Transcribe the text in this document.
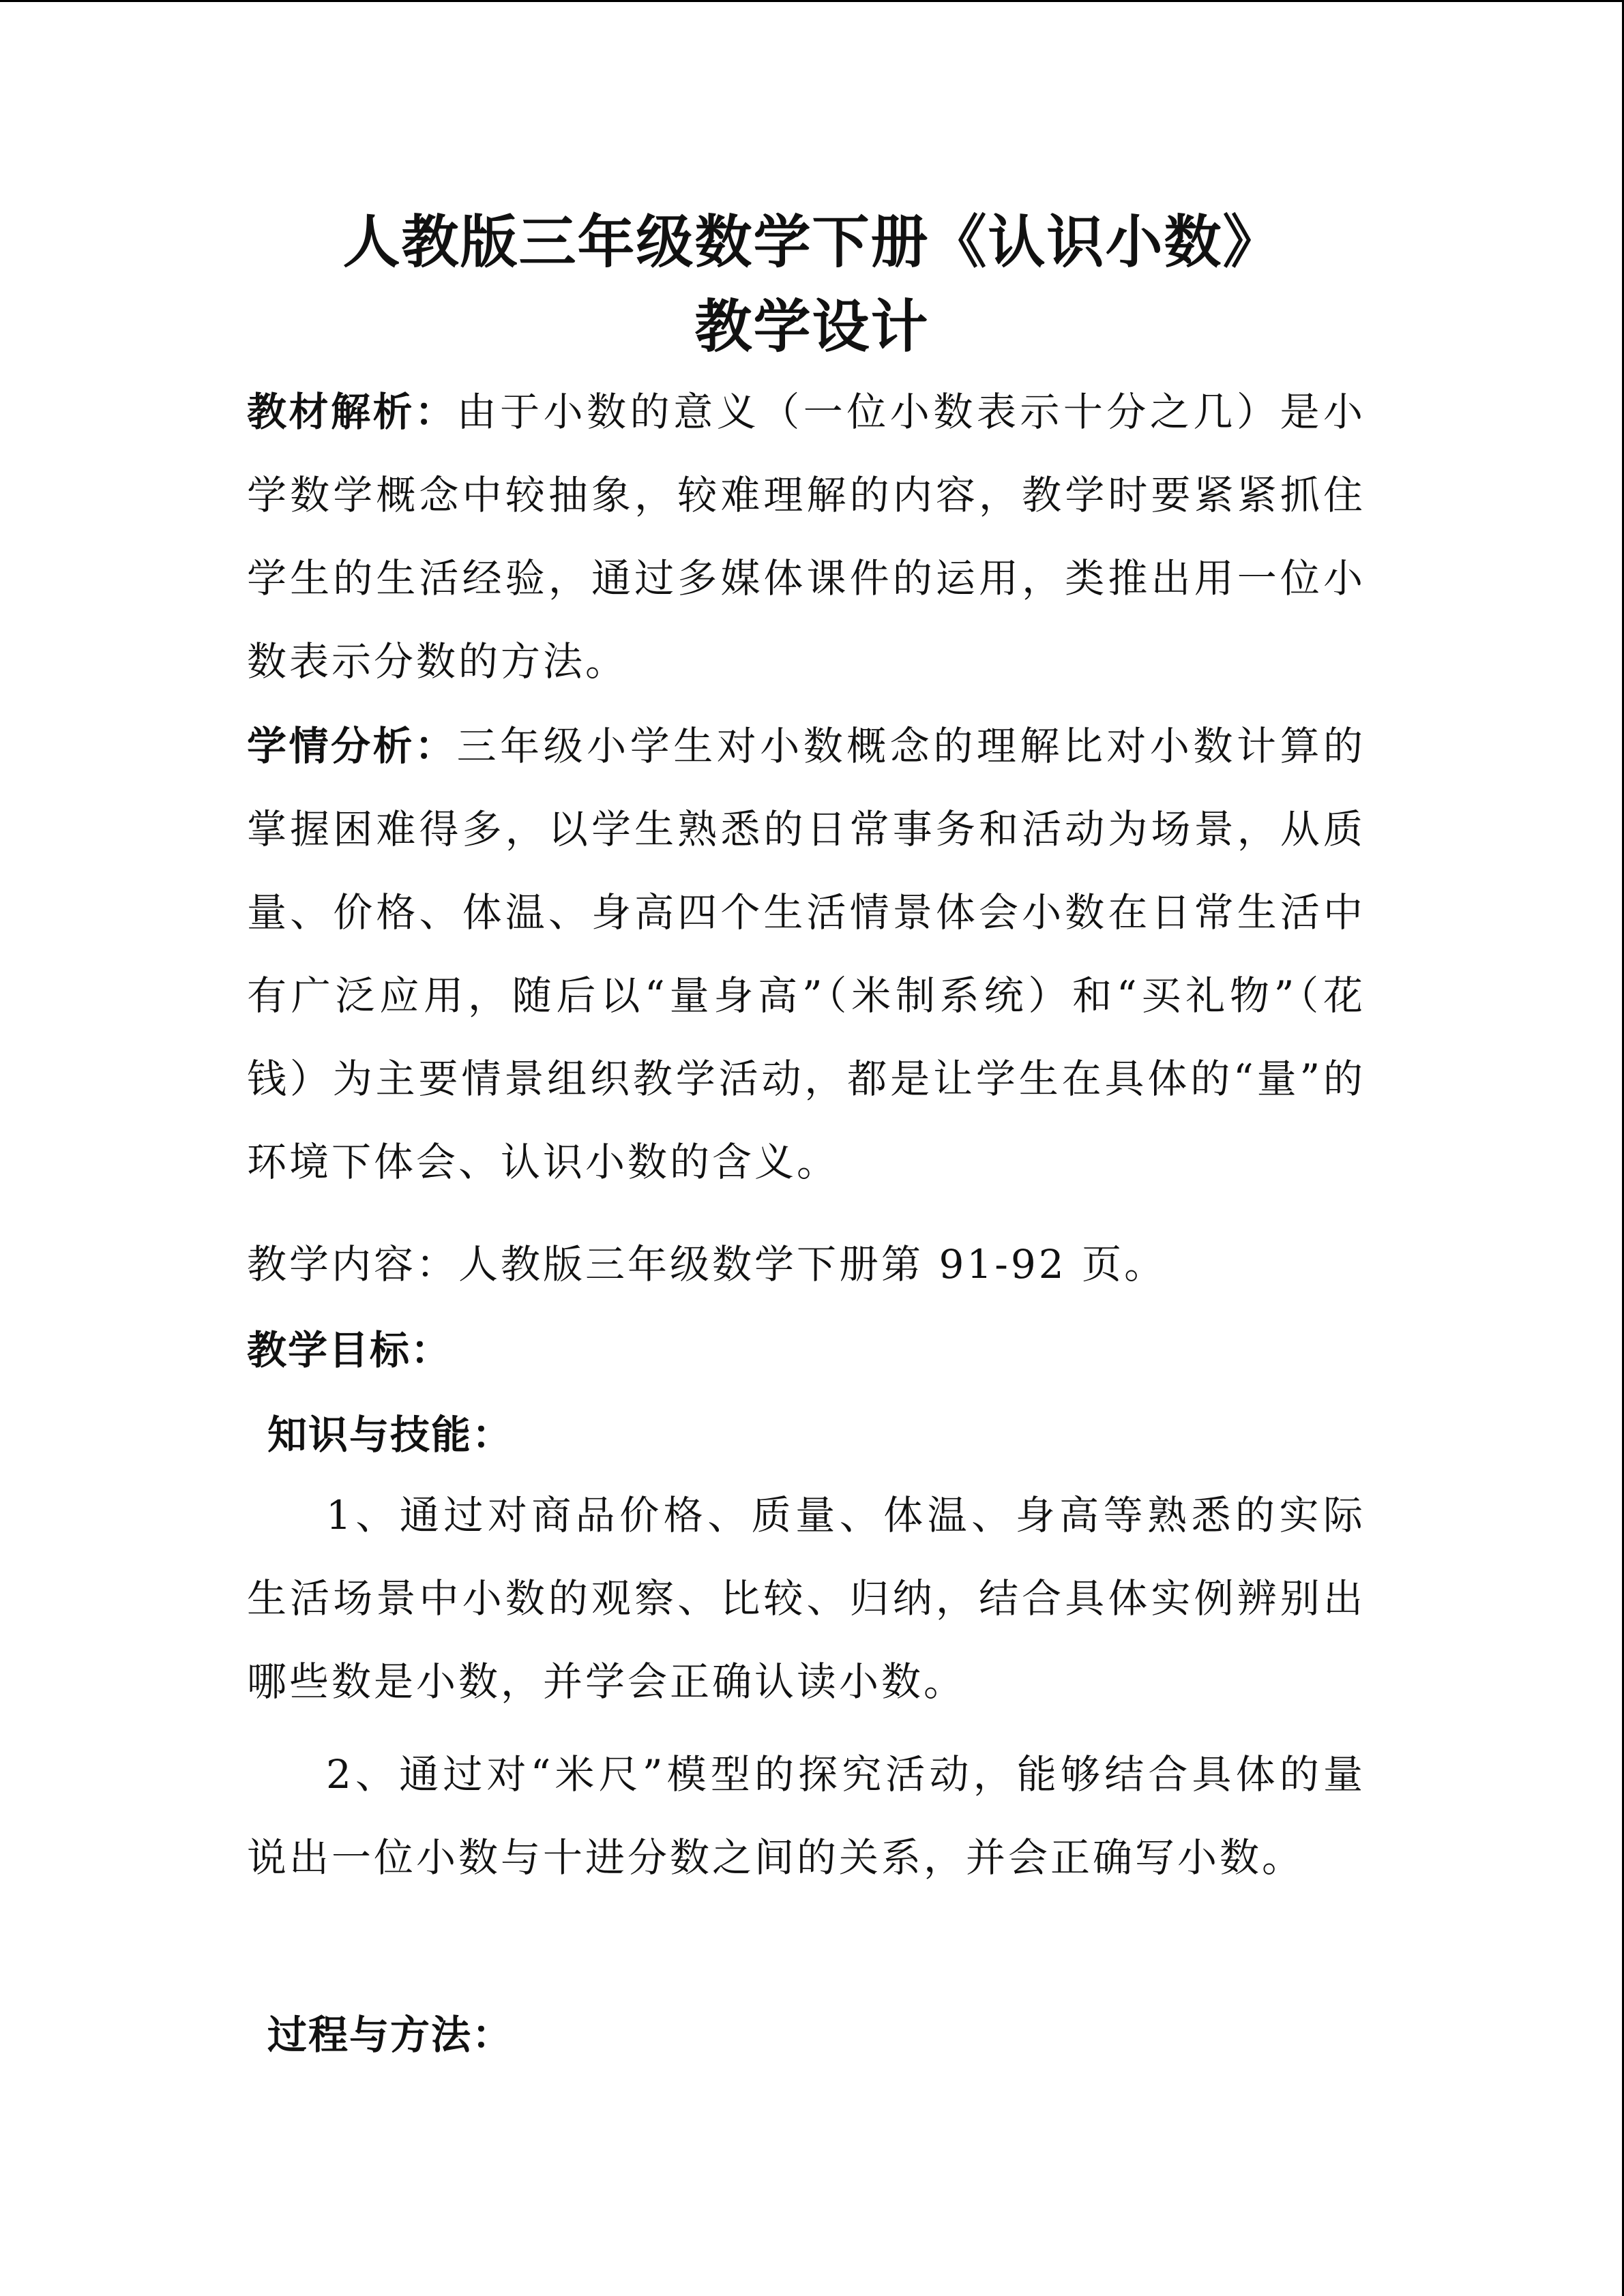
人教版三年级数学下册《认识小数》
教学设计

教材解析：由于小数的意义（一位小数表示十分之几）是小学数学概念中较抽象，较难理解的内容，教学时要紧紧抓住学生的生活经验，通过多媒体课件的运用，类推出用一位小数表示分数的方法。

学情分析：三年级小学生对小数概念的理解比对小数计算的掌握困难得多，以学生熟悉的日常事务和活动为场景，从质量、价格、体温、身高四个生活情景体会小数在日常生活中有广泛应用，随后以“量身高”（米制系统）和“买礼物”（花钱）为主要情景组织教学活动，都是让学生在具体的“量”的环境下体会、认识小数的含义。

教学内容：人教版三年级数学下册第 91-92 页。

教学目标：

知识与技能：

1、通过对商品价格、质量、体温、身高等熟悉的实际生活场景中小数的观察、比较、归纳，结合具体实例辨别出哪些数是小数，并学会正确认读小数。

2、通过对“米尺”模型的探究活动，能够结合具体的量说出一位小数与十进分数之间的关系，并会正确写小数。

过程与方法：
